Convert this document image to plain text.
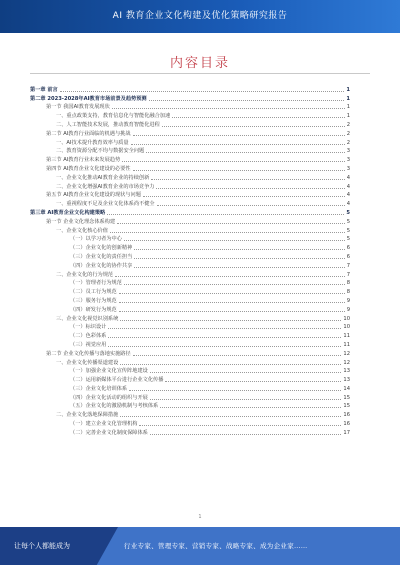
AI 教育企业文化构建及优化策略研究报告
内容目录
第一章 前言	1
第二章 2023-2028年AI教育市场前景及趋势预测	1
第一节 我国AI教育发展现状	1
一、重点政策支持，教育信息化与智能化融合加速	1
二、人工智能技术发展，推动教育智能化进程	2
第二节 AI教育行业面临的机遇与挑战	2
一、AI技术提升教育效率与质量	2
二、教育资源分配不均与数据安全问题	3
第三节 AI教育行业未来发展趋势	3
第四节 AI教育企业文化建设的必要性	3
一、企业文化推动AI教育企业的持续创新	4
二、企业文化增强AI教育企业的市场竞争力	4
第五节 AI教育企业文化建设的现状与问题	4
一、重视程度不足及企业文化体系尚不健全	4
第三章 AI教育企业文化构建策略	5
第一节 企业文化理念体系构建	5
一、企业文化核心价值	5
（一）以学习者为中心	5
（二）企业文化的创新精神	6
（三）企业文化的责任担当	6
（四）企业文化的协作共享	7
二、企业文化的行为规范	7
（一）管理者行为规范	8
（二）员工行为规范	8
（三）服务行为规范	9
（四）研发行为规范	9
三、企业文化视觉识别系统	10
（一）标识设计	10
（二）色彩体系	11
（三）视觉应用	11
第二节 企业文化传播与落地实施路径	12
一、企业文化传播渠道建设	12
（一）加强企业文化宣传阵地建设	13
（二）运用新媒体平台进行企业文化传播	13
（三）企业文化培训体系	14
（四）企业文化活动的组织与开展	15
（五）企业文化的激励机制与考核体系	15
二、企业文化落地保障措施	16
（一）建立企业文化管理机构	16
（二）完善企业文化制度保障体系	17
1
让每个人都能成为	行业专家、管理专家、营销专家、战略专家、成为企业家……
